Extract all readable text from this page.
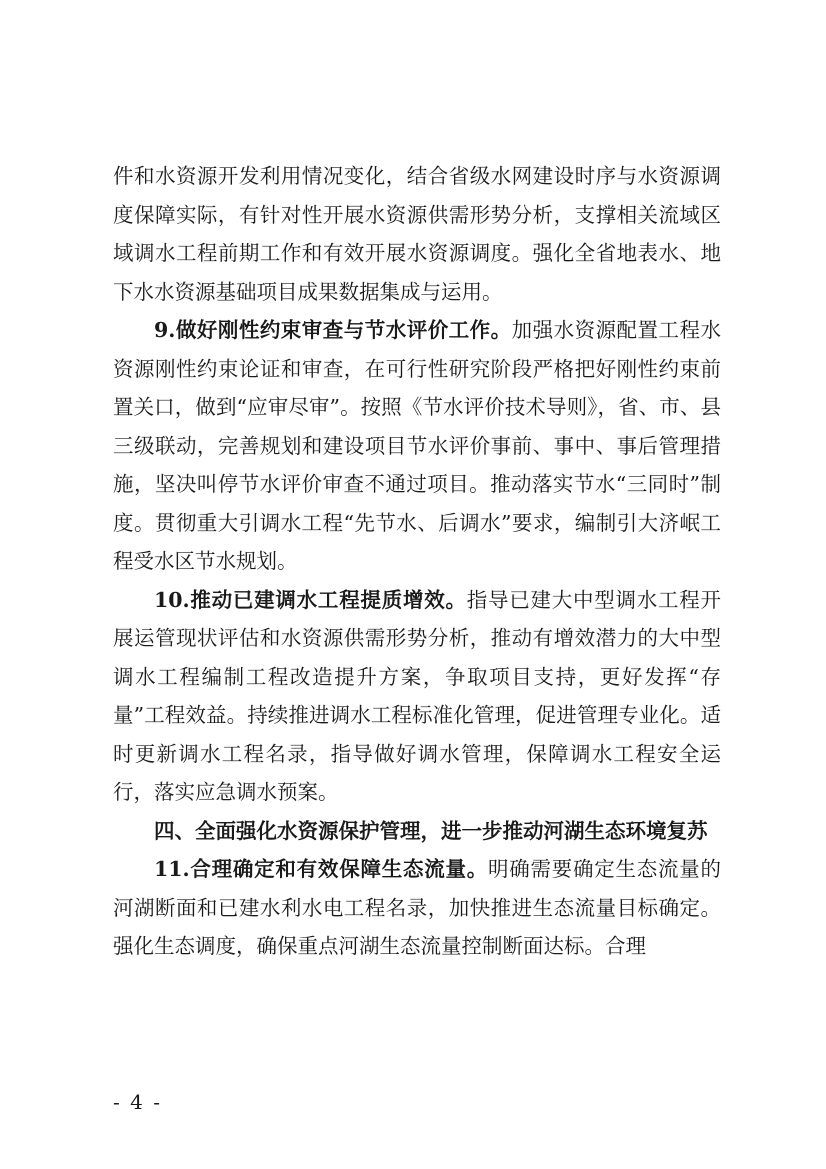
件和水资源开发利用情况变化，结合省级水网建设时序与水资源调度保障实际，有针对性开展水资源供需形势分析，支撑相关流域区域调水工程前期工作和有效开展水资源调度。强化全省地表水、地下水水资源基础项目成果数据集成与运用。

9.做好刚性约束审查与节水评价工作。加强水资源配置工程水资源刚性约束论证和审查，在可行性研究阶段严格把好刚性约束前置关口，做到“应审尽审”。按照《节水评价技术导则》，省、市、县三级联动，完善规划和建设项目节水评价事前、事中、事后管理措施，坚决叫停节水评价审查不通过项目。推动落实节水“三同时”制度。贯彻重大引调水工程“先节水、后调水”要求，编制引大济岷工程受水区节水规划。

10.推动已建调水工程提质增效。指导已建大中型调水工程开展运管现状评估和水资源供需形势分析，推动有增效潜力的大中型调水工程编制工程改造提升方案，争取项目支持，更好发挥“存量”工程效益。持续推进调水工程标准化管理，促进管理专业化。适时更新调水工程名录，指导做好调水管理，保障调水工程安全运行，落实应急调水预案。

四、全面强化水资源保护管理，进一步推动河湖生态环境复苏

11.合理确定和有效保障生态流量。明确需要确定生态流量的河湖断面和已建水利水电工程名录，加快推进生态流量目标确定。强化生态调度，确保重点河湖生态流量控制断面达标。合理

- 4 -
